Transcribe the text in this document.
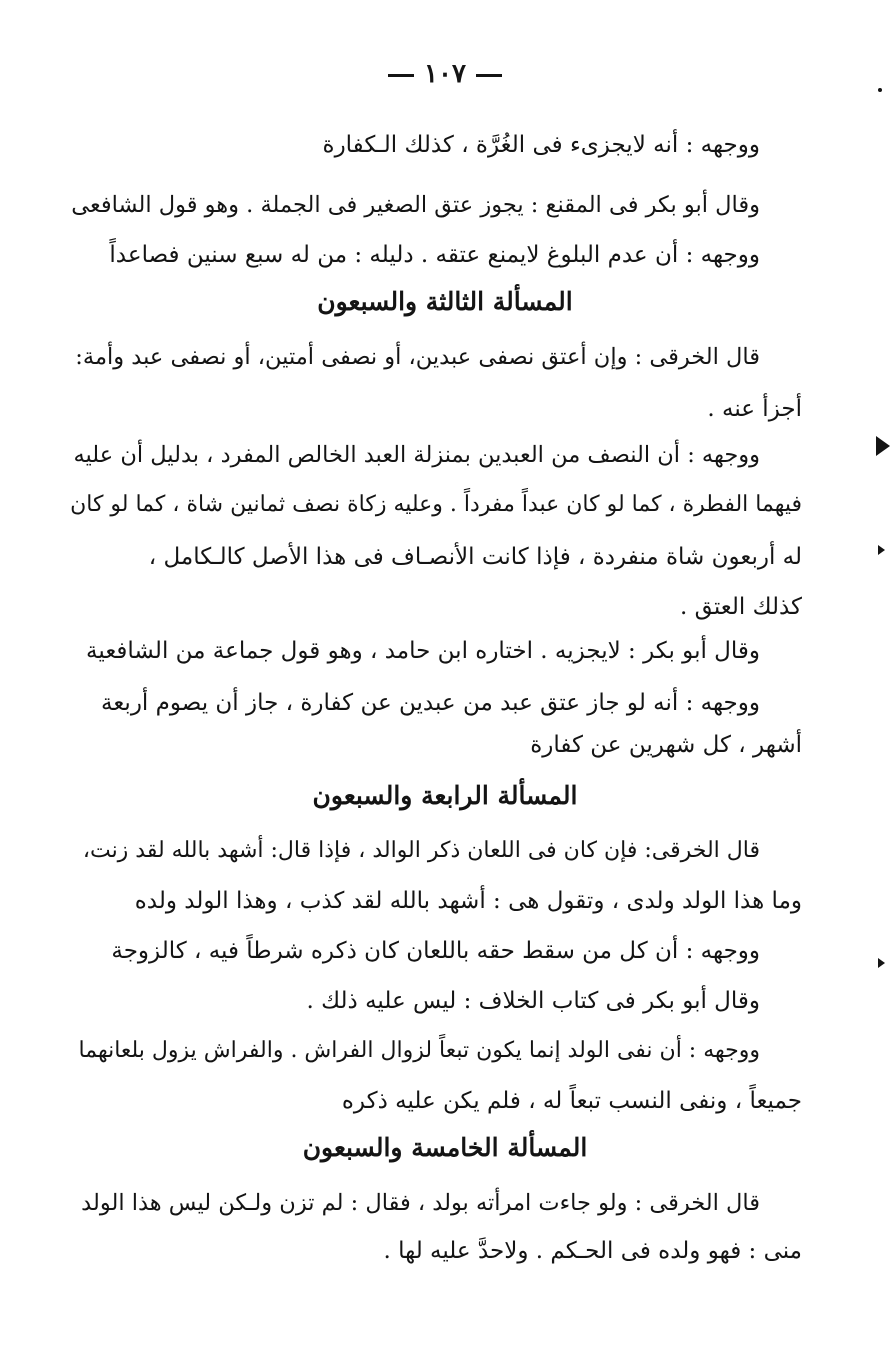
١٠٧
ووجهه : أنه لايجزىء فى الغُرَّة ، كذلك الـكفارة
وقال أبو بكر فى المقنع : يجوز عتق الصغير فى الجملة . وهو قول الشافعى
ووجهه : أن عدم البلوغ لايمنع عتقه . دليله : من له سبع سنين فصاعداً
المسألة الثالثة والسبعون
قال الخرقى : وإن أعتق نصفى عبدين، أو نصفى أمتين، أو نصفى عبد وأمة:
أجزأ عنه .
ووجهه : أن النصف من العبدين بمنزلة العبد الخالص المفرد ، بدليل أن عليه
فيهما الفطرة ، كما لو كان عبداً مفرداً . وعليه زكاة نصف ثمانين شاة ، كما لو كان
له أربعون شاة منفردة ، فإذا كانت الأنصـاف فى هذا الأصل كالـكامل ،
كذلك العتق .
وقال أبو بكر : لايجزيه . اختاره ابن حامد ، وهو قول جماعة من الشافعية
ووجهه : أنه لو جاز عتق عبد من عبدين عن كفارة ، جاز أن يصوم أربعة
أشهر ، كل شهرين عن كفارة
المسألة الرابعة والسبعون
قال الخرقى: فإن كان فى اللعان ذكر الوالد ، فإذا قال: أشهد بالله لقد زنت،
وما هذا الولد ولدى ، وتقول هى : أشهد بالله لقد كذب ، وهذا الولد ولده
ووجهه : أن كل من سقط حقه باللعان كان ذكره شرطاً فيه ، كالزوجة
وقال أبو بكر فى كتاب الخلاف : ليس عليه ذلك .
ووجهه : أن نفى الولد إنما يكون تبعاً لزوال الفراش . والفراش يزول بلعانهما
جميعاً ، ونفى النسب تبعاً له ، فلم يكن عليه ذكره
المسألة الخامسة والسبعون
قال الخرقى : ولو جاءت امرأته بولد ، فقال : لم تزن ولـكن ليس هذا الولد
منى : فهو ولده فى الحـكم . ولاحدَّ عليه لها .
